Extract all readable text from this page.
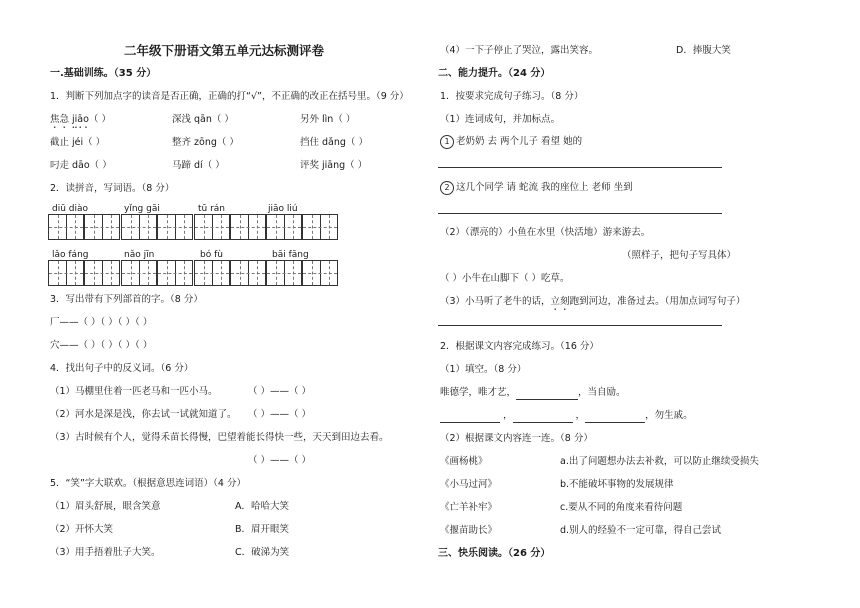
二年级下册语文第五单元达标测评卷
一.基础训练。（35 分）
1．判断下列加点字的读音是否正确，正确的打“√”，不正确的改正在括号里。（9 分）
焦急 jiāo（ ）	深浅 qān（ ）	另外 lìn（ ）
截止 jéi（ ）	整齐 zōng（ ）	挡住 dǎng（ ）
叼走 dāo（ ）	马蹄 dí（ ）	评奖 jiāng（ ）
2．读拼音，写词语。（8 分）
diū diào	yǐng gāi	tū rán	jiāo liú
lǎo fáng	nǎo jīn	bó fù	bāi fāng
3．写出带有下列部首的字。（8 分）
厂——（ ）（ ）（ ）（ ）
穴——（ ）（ ）（ ）（ ）
4．找出句子中的反义词。（6 分）
（1）马棚里住着一匹老马和一匹小马。	（ ）——（ ）
（2）河水是深是浅，你去试一试就知道了。 （ ）——（ ）
（3）古时候有个人，觉得禾苗长得慢，巴望着能长得快一些，天天到田边去看。
（ ）——（ ）
5．“笑”字大联欢。（根据意思连词语）（4 分）
（1）眉头舒展，眼含笑意	A．哈哈大笑
（2）开怀大笑	B．眉开眼笑
（3）用手捂着肚子大笑。	C．破涕为笑
（4）一下子停止了哭泣，露出笑容。	D．捧腹大笑
二、能力提升。（24 分）
1．按要求完成句子练习。（8 分）
（1）连词成句，并加标点。
1 老奶奶 去 两个儿子 看望 她的
2 这几个同学 请 蛇流 我的座位上 老师 坐到
（2）（漂亮的）小鱼在水里（快活地）游来游去。
（照样子，把句子写具体）
（ ）小牛在山脚下（ ）吃草。
（3）小马听了老牛的话，立刻跑到河边，准备过去。（用加点词写句子）
2．根据课文内容完成练习。（16 分）
（1）填空。（8 分）
唯德学，唯才艺，	，当自励。
，	，	，勿生戚。
（2）根据课文内容连一连。（8 分）
《画杨桃》	a.出了问题想办法去补救，可以防止继续受损失
《小马过河》	b.不能破坏事物的发展规律
《亡羊补牢》	c.要从不同的角度来看待问题
《揠苗助长》	d.别人的经验不一定可靠，得自己尝试
三、快乐阅读。（26 分）
